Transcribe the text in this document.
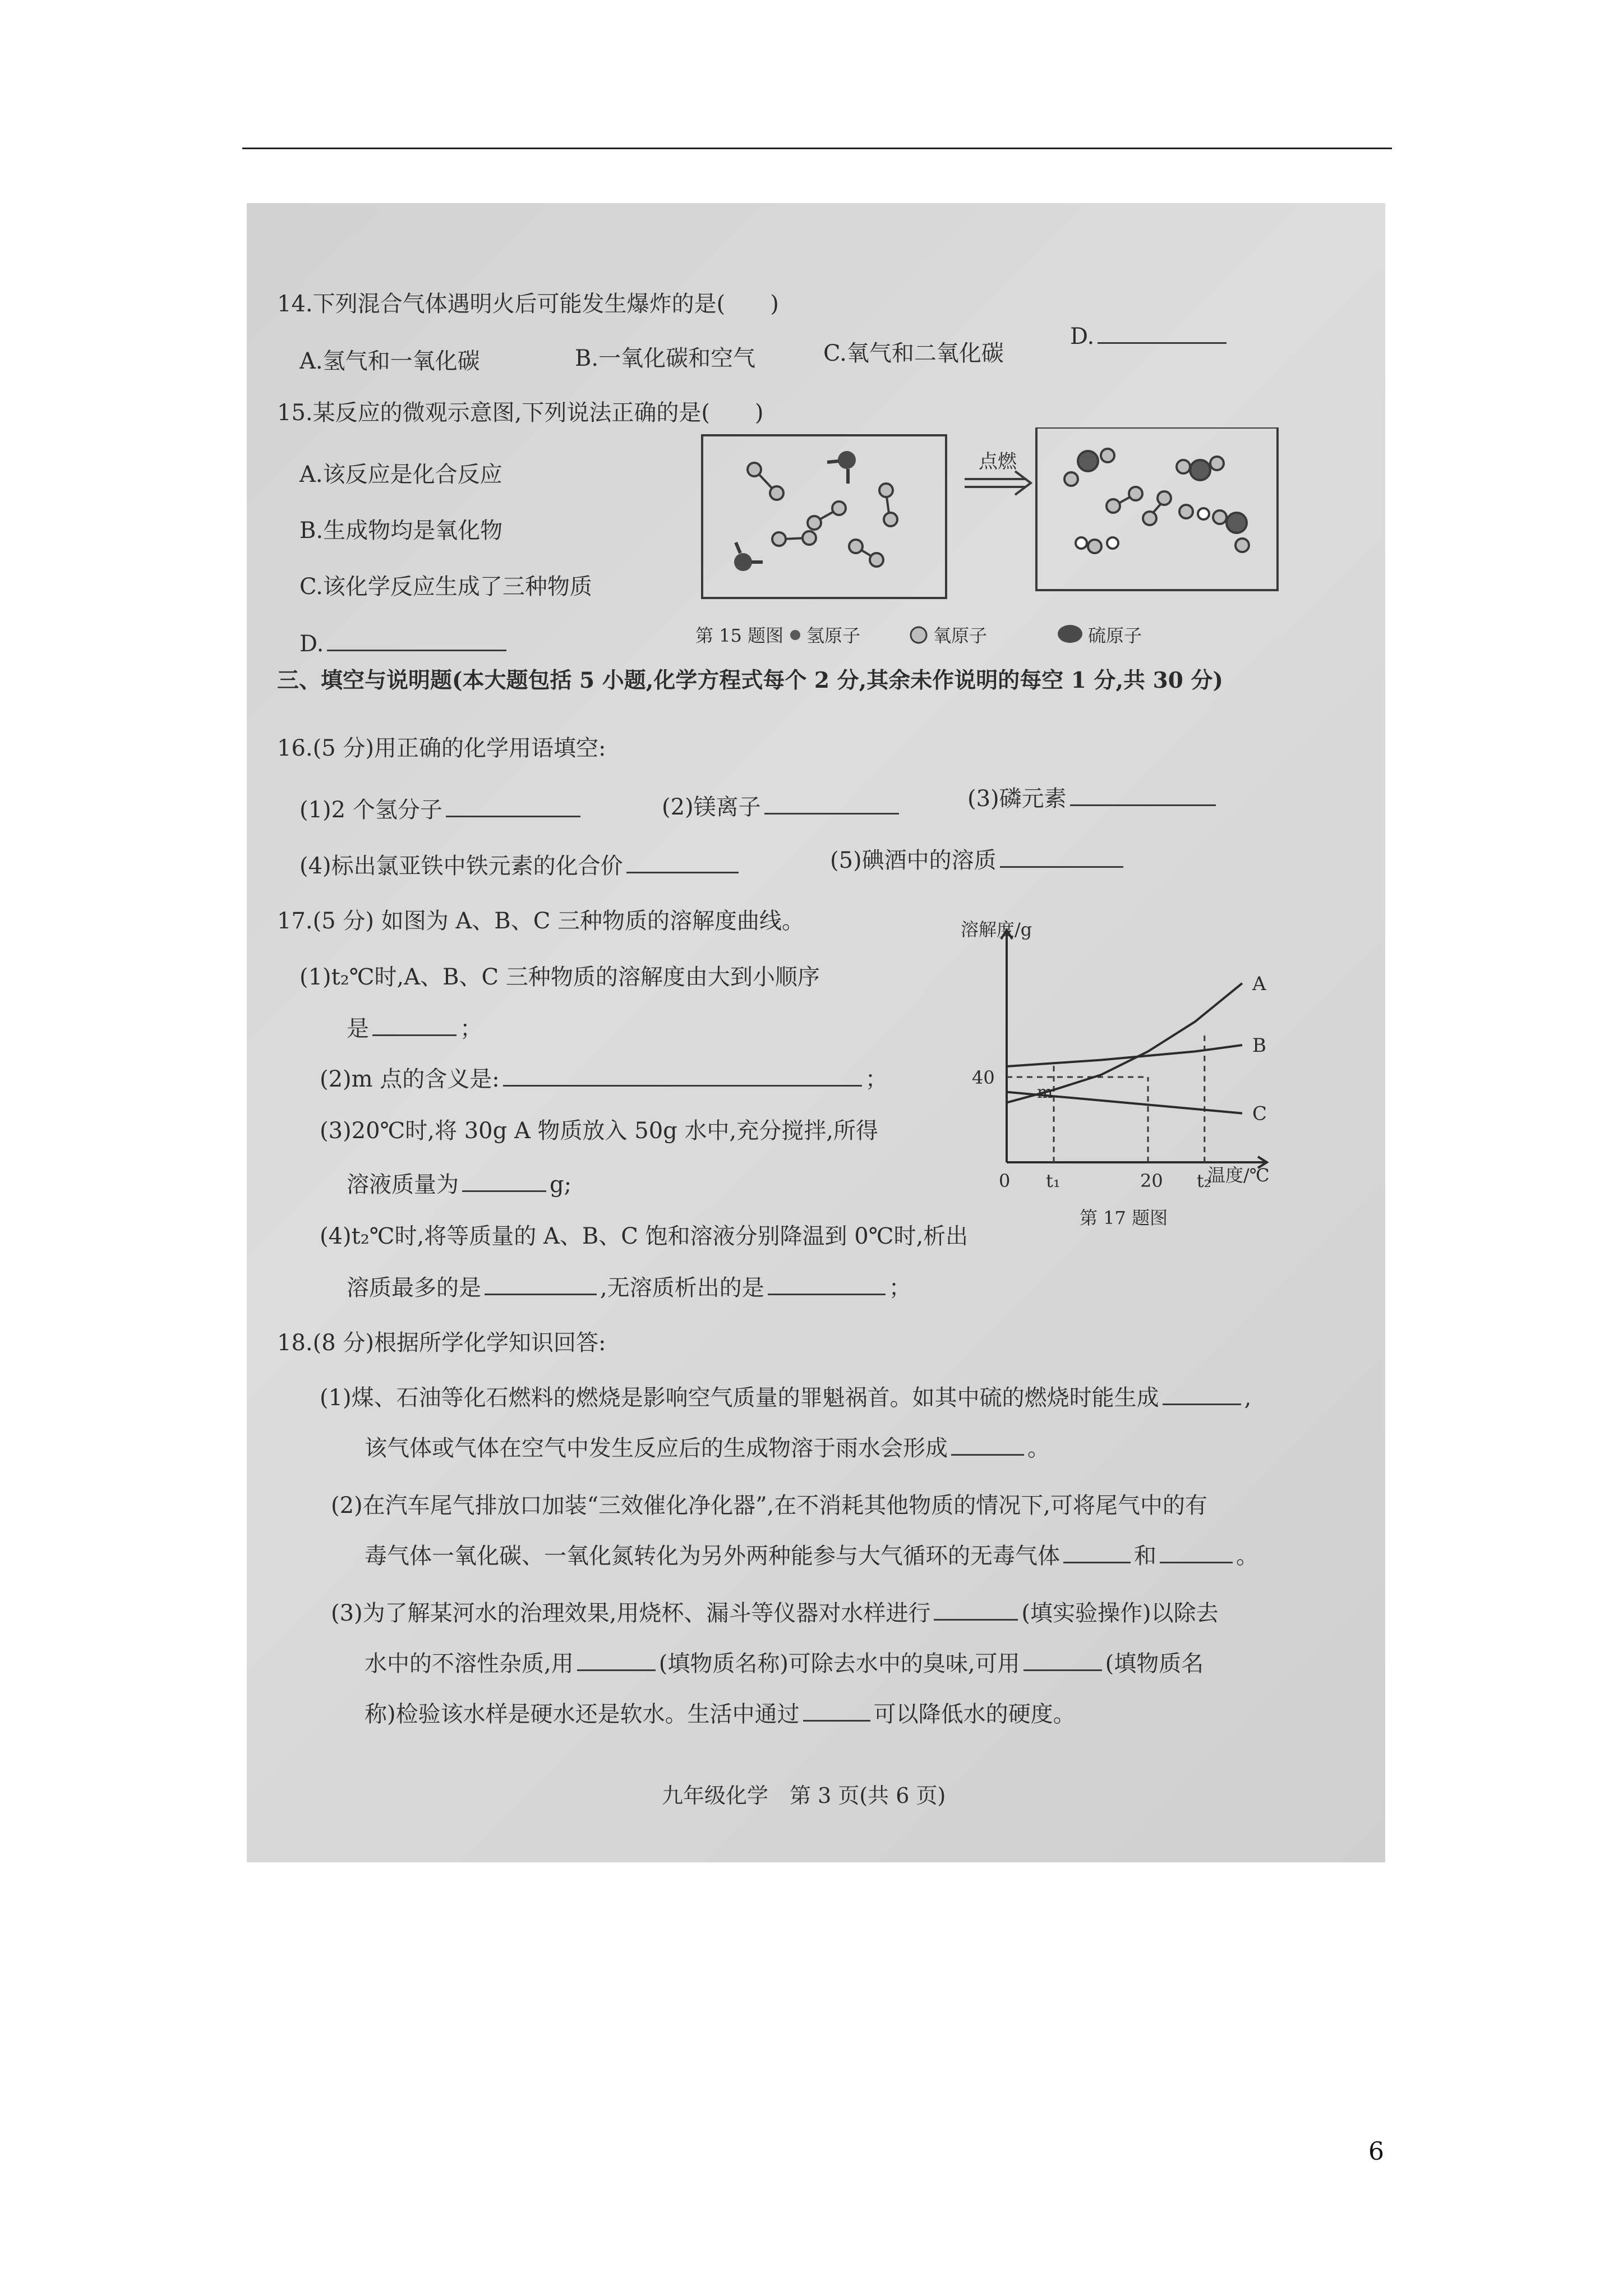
14.下列混合气体遇明火后可能发生爆炸的是(　　)
A.氢气和一氧化碳	B.一氧化碳和空气	C.氧气和二氧化碳
D.
15.某反应的微观示意图,下列说法正确的是(　　)
A.该反应是化合反应
B.生成物均是氧化物
C.该化学反应生成了三种物质
D.
点燃
第 15 题图 氢原子	氧原子	硫原子
三、填空与说明题(本大题包括 5 小题,化学方程式每个 2 分,其余未作说明的每空 1 分,共 30 分)
16.(5 分)用正确的化学用语填空:
(1)2 个氢分子	(2)镁离子	(3)磷元素
(4)标出氯亚铁中铁元素的化合价	(5)碘酒中的溶质
17.(5 分) 如图为 A、B、C 三种物质的溶解度曲线。
(1)t₂℃时,A、B、C 三种物质的溶解度由大到小顺序
是	；
(2)m 点的含义是:	；
(3)20℃时,将 30g A 物质放入 50g 水中,充分搅拌,所得
溶液质量为	g;
(4)t₂℃时,将等质量的 A、B、C 饱和溶液分别降温到 0℃时,析出
溶质最多的是	,无溶质析出的是	；
溶解度/g
温度/℃
m
A
B
C
0 t₁	20 t₂
40
第 17 题图
18.(8 分)根据所学化学知识回答:
(1)煤、石油等化石燃料的燃烧是影响空气质量的罪魁祸首。如其中硫的燃烧时能生成	,
该气体或气体在空气中发生反应后的生成物溶于雨水会形成	。
(2)在汽车尾气排放口加装“三效催化净化器”,在不消耗其他物质的情况下,可将尾气中的有
毒气体一氧化碳、一氧化氮转化为另外两种能参与大气循环的无毒气体	和	。
(3)为了解某河水的治理效果,用烧杯、漏斗等仪器对水样进行	(填实验操作)以除去
水中的不溶性杂质,用	(填物质名称)可除去水中的臭味,可用	(填物质名
称)检验该水样是硬水还是软水。生活中通过	可以降低水的硬度。
九年级化学　第 3 页(共 6 页)
6
